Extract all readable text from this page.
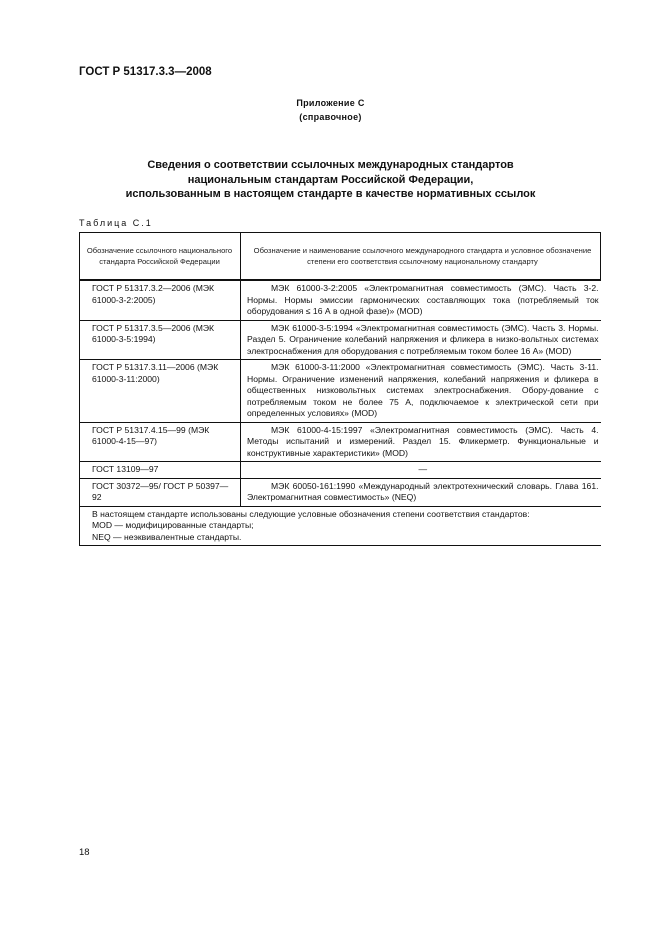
ГОСТ Р 51317.3.3—2008
Приложение С
(справочное)
Сведения о соответствии ссылочных международных стандартов
национальным стандартам Российской Федерации,
использованным в настоящем стандарте в качестве нормативных ссылок
Таблица С.1
Обозначение ссылочного национального стандарта Российской Федерации	Обозначение и наименование ссылочного международного стандарта и условное обозначение степени его соответствия ссылочному национальному стандарту
ГОСТ Р 51317.3.2—2006 (МЭК 61000-3-2:2005)	МЭК 61000-3-2:2005 «Электромагнитная совместимость (ЭМС). Часть 3-2. Нормы. Нормы эмиссии гармонических составляющих тока (потребляемый ток оборудования ≤ 16 А в одной фазе)» (MOD)
ГОСТ Р 51317.3.5—2006 (МЭК 61000-3-5:1994)	МЭК 61000-3-5:1994 «Электромагнитная совместимость (ЭМС). Часть 3. Нормы. Раздел 5. Ограничение колебаний напряжения и фликера в низко-вольтных системах электроснабжения для оборудования с потребляемым током более 16 А» (MOD)
ГОСТ Р 51317.3.11—2006 (МЭК 61000-3-11:2000)	МЭК 61000-3-11:2000 «Электромагнитная совместимость (ЭМС). Часть 3-11. Нормы. Ограничение изменений напряжения, колебаний напряжения и фликера в общественных низковольтных системах электроснабжения. Обору-дование с потребляемым током не более 75 А, подключаемое к электрической сети при определенных условиях» (MOD)
ГОСТ Р 51317.4.15—99 (МЭК 61000-4-15—97)	МЭК 61000-4-15:1997 «Электромагнитная совместимость (ЭМС). Часть 4. Методы испытаний и измерений. Раздел 15. Фликерметр. Функциональные и конструктивные характеристики» (MOD)
ГОСТ 13109—97	—
ГОСТ 30372—95/ ГОСТ Р 50397—92	МЭК 60050-161:1990 «Международный электротехнический словарь. Глава 161. Электромагнитная совместимость» (NEQ)

В настоящем стандарте использованы следующие условные обозначения степени соответствия стандартов:
MOD — модифицированные стандарты;
NEQ — неэквивалентные стандарты.	
18
